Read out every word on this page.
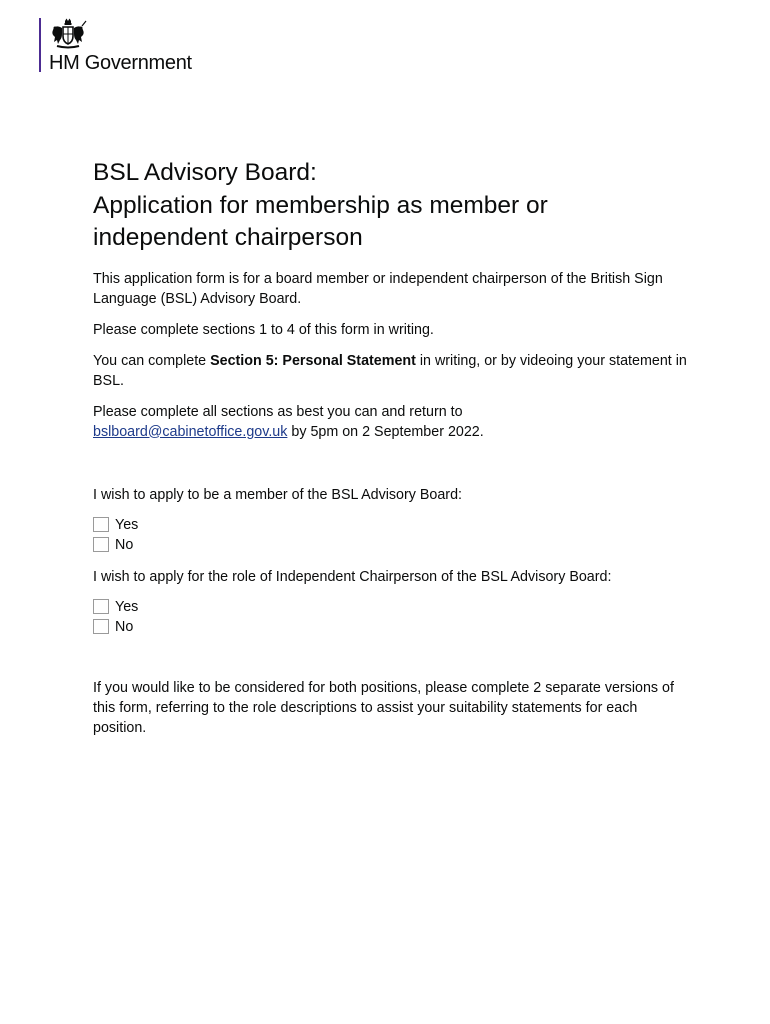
HM Government
BSL Advisory Board:
Application for membership as member or
independent chairperson

This application form is for a board member or independent chairperson of the British Sign Language (BSL) Advisory Board.

Please complete sections 1 to 4 of this form in writing.

You can complete Section 5: Personal Statement in writing, or by videoing your statement in BSL.

Please complete all sections as best you can and return to
bslboard@cabinetoffice.gov.uk by 5pm on 2 September 2022.

I wish to apply to be a member of the BSL Advisory Board:

Yes
No

I wish to apply for the role of Independent Chairperson of the BSL Advisory Board:

Yes
No

If you would like to be considered for both positions, please complete 2 separate versions of this form, referring to the role descriptions to assist your suitability statements for each position.
